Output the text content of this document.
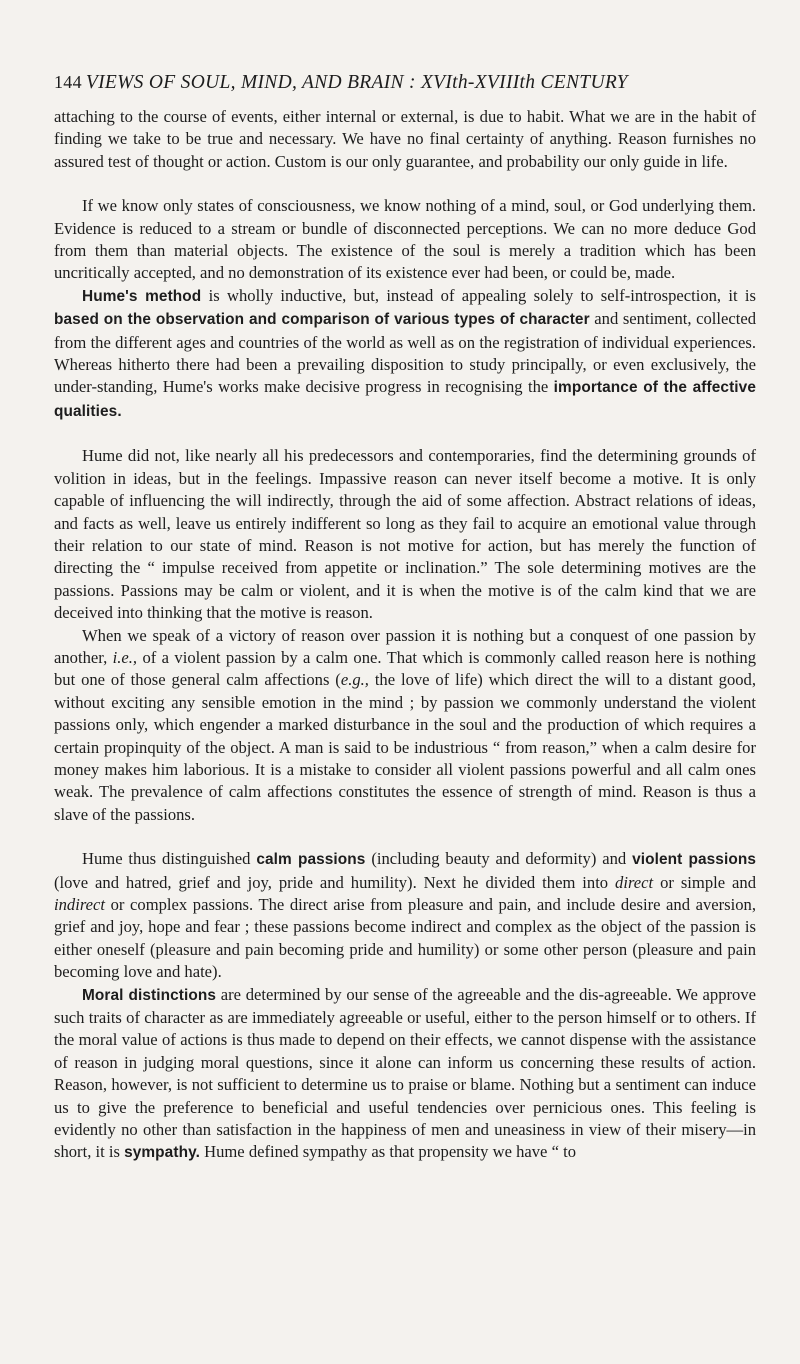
144 VIEWS OF SOUL, MIND, AND BRAIN : XVIth-XVIIIth CENTURY

attaching to the course of events, either internal or external, is due to habit. What we are in the habit of finding we take to be true and necessary. We have no final certainty of anything. Reason furnishes no assured test of thought or action. Custom is our only guarantee, and probability our only guide in life.

If we know only states of consciousness, we know nothing of a mind, soul, or God underlying them. Evidence is reduced to a stream or bundle of disconnected perceptions. We can no more deduce God from them than material objects. The existence of the soul is merely a tradition which has been uncritically accepted, and no demonstration of its existence ever had been, or could be, made.

Hume's method is wholly inductive, but, instead of appealing solely to self-introspection, it is based on the observation and comparison of various types of character and sentiment, collected from the different ages and countries of the world as well as on the registration of individual experiences. Whereas hitherto there had been a prevailing disposition to study principally, or even exclusively, the under-standing, Hume's works make decisive progress in recognising the importance of the affective qualities.

Hume did not, like nearly all his predecessors and contemporaries, find the determining grounds of volition in ideas, but in the feelings. Impassive reason can never itself become a motive. It is only capable of influencing the will indirectly, through the aid of some affection. Abstract relations of ideas, and facts as well, leave us entirely indifferent so long as they fail to acquire an emotional value through their relation to our state of mind. Reason is not motive for action, but has merely the function of directing the “ impulse received from appetite or inclination.” The sole determining motives are the passions. Passions may be calm or violent, and it is when the motive is of the calm kind that we are deceived into thinking that the motive is reason.

When we speak of a victory of reason over passion it is nothing but a conquest of one passion by another, i.e., of a violent passion by a calm one. That which is commonly called reason here is nothing but one of those general calm affections (e.g., the love of life) which direct the will to a distant good, without exciting any sensible emotion in the mind ; by passion we commonly understand the violent passions only, which engender a marked disturbance in the soul and the production of which requires a certain propinquity of the object. A man is said to be industrious “ from reason,” when a calm desire for money makes him laborious. It is a mistake to consider all violent passions powerful and all calm ones weak. The prevalence of calm affections constitutes the essence of strength of mind. Reason is thus a slave of the passions.

Hume thus distinguished calm passions (including beauty and deformity) and violent passions (love and hatred, grief and joy, pride and humility). Next he divided them into direct or simple and indirect or complex passions. The direct arise from pleasure and pain, and include desire and aversion, grief and joy, hope and fear ; these passions become indirect and complex as the object of the passion is either oneself (pleasure and pain becoming pride and humility) or some other person (pleasure and pain becoming love and hate).

Moral distinctions are determined by our sense of the agreeable and the dis-agreeable. We approve such traits of character as are immediately agreeable or useful, either to the person himself or to others. If the moral value of actions is thus made to depend on their effects, we cannot dispense with the assistance of reason in judging moral questions, since it alone can inform us concerning these results of action. Reason, however, is not sufficient to determine us to praise or blame. Nothing but a sentiment can induce us to give the preference to beneficial and useful tendencies over pernicious ones. This feeling is evidently no other than satisfaction in the happiness of men and uneasiness in view of their misery—in short, it is sympathy. Hume defined sympathy as that propensity we have “ to
